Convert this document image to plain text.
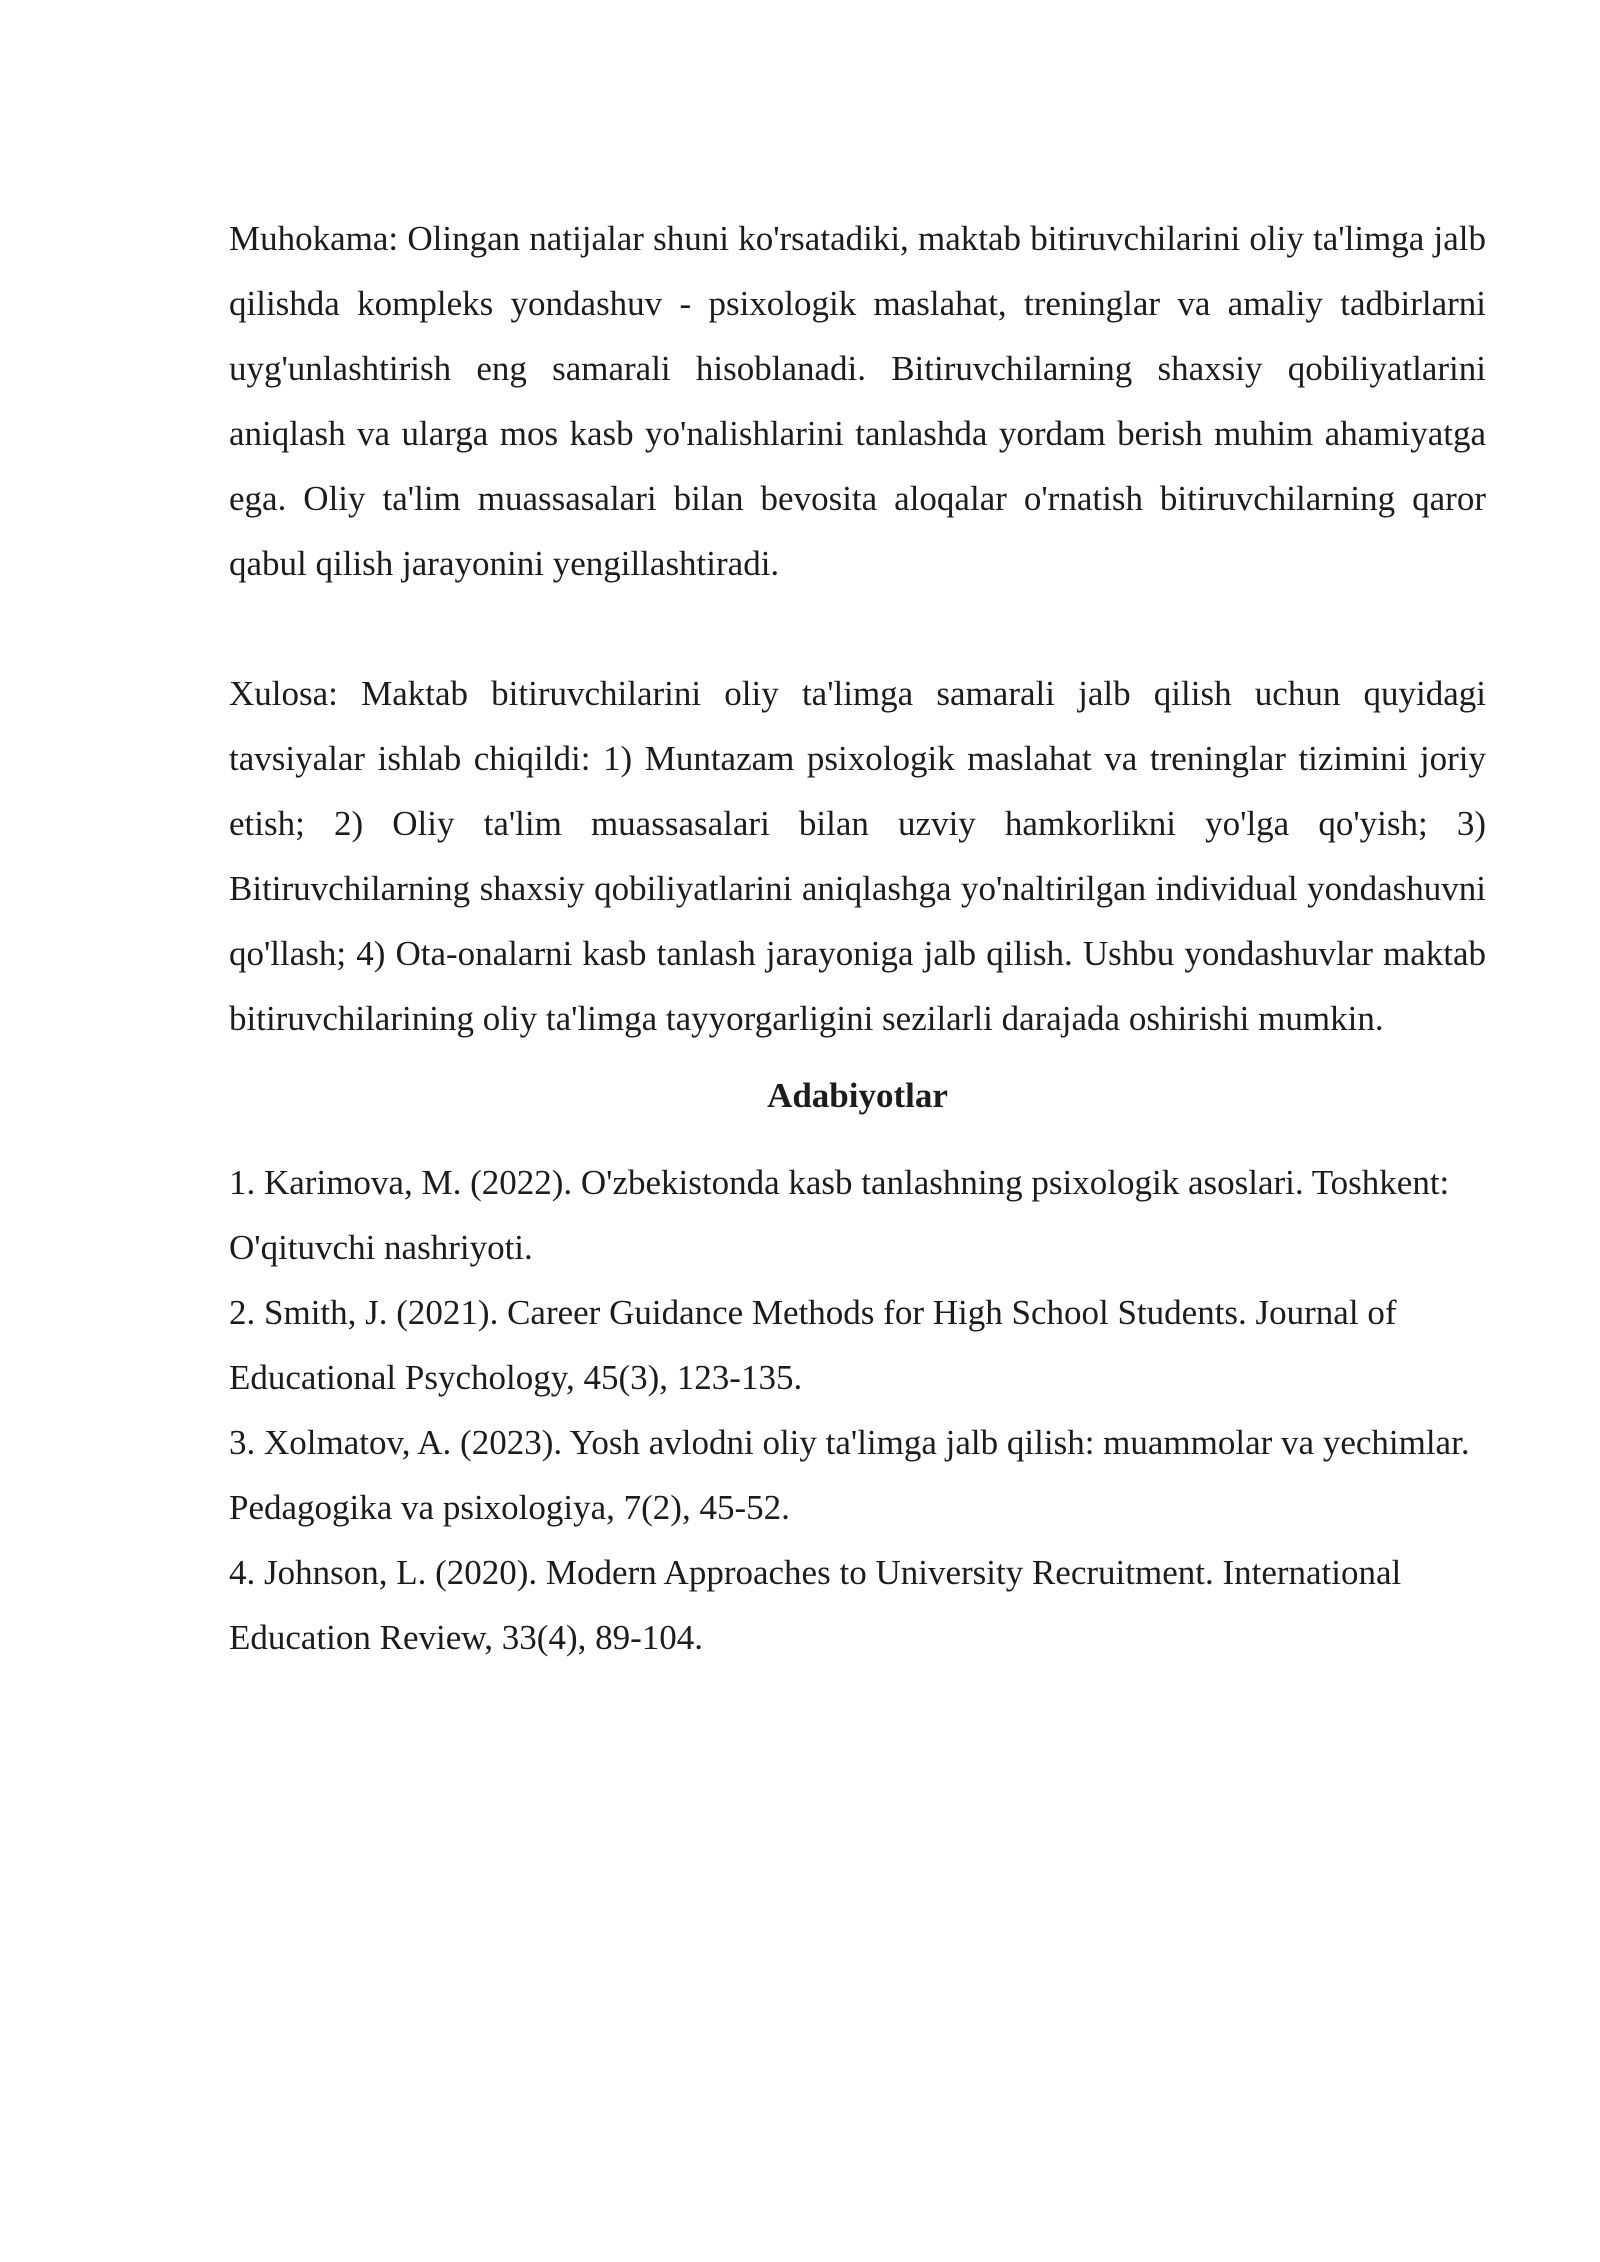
Muhokama: Olingan natijalar shuni ko'rsatadiki, maktab bitiruvchilarini oliy ta'limga jalb qilishda kompleks yondashuv - psixologik maslahat, treninglar va amaliy tadbirlarni uyg'unlashtirish eng samarali hisoblanadi. Bitiruvchilarning shaxsiy qobiliyatlarini aniqlash va ularga mos kasb yo'nalishlarini tanlashda yordam berish muhim ahamiyatga ega. Oliy ta'lim muassasalari bilan bevosita aloqalar o'rnatish bitiruvchilarning qaror qabul qilish jarayonini yengillashtiradi.

Xulosa: Maktab bitiruvchilarini oliy ta'limga samarali jalb qilish uchun quyidagi tavsiyalar ishlab chiqildi: 1) Muntazam psixologik maslahat va treninglar tizimini joriy etish; 2) Oliy ta'lim muassasalari bilan uzviy hamkorlikni yo'lga qo'yish; 3) Bitiruvchilarning shaxsiy qobiliyatlarini aniqlashga yo'naltirilgan individual yondashuvni qo'llash; 4) Ota-onalarni kasb tanlash jarayoniga jalb qilish. Ushbu yondashuvlar maktab bitiruvchilarining oliy ta'limga tayyorgarligini sezilarli darajada oshirishi mumkin.

Adabiyotlar
1. Karimova, M. (2022). O'zbekistonda kasb tanlashning psixologik asoslari. Toshkent: O'qituvchi nashriyoti.
2. Smith, J. (2021). Career Guidance Methods for High School Students. Journal of Educational Psychology, 45(3), 123-135.
3. Xolmatov, A. (2023). Yosh avlodni oliy ta'limga jalb qilish: muammolar va yechimlar. Pedagogika va psixologiya, 7(2), 45-52.
4. Johnson, L. (2020). Modern Approaches to University Recruitment. International Education Review, 33(4), 89-104.
